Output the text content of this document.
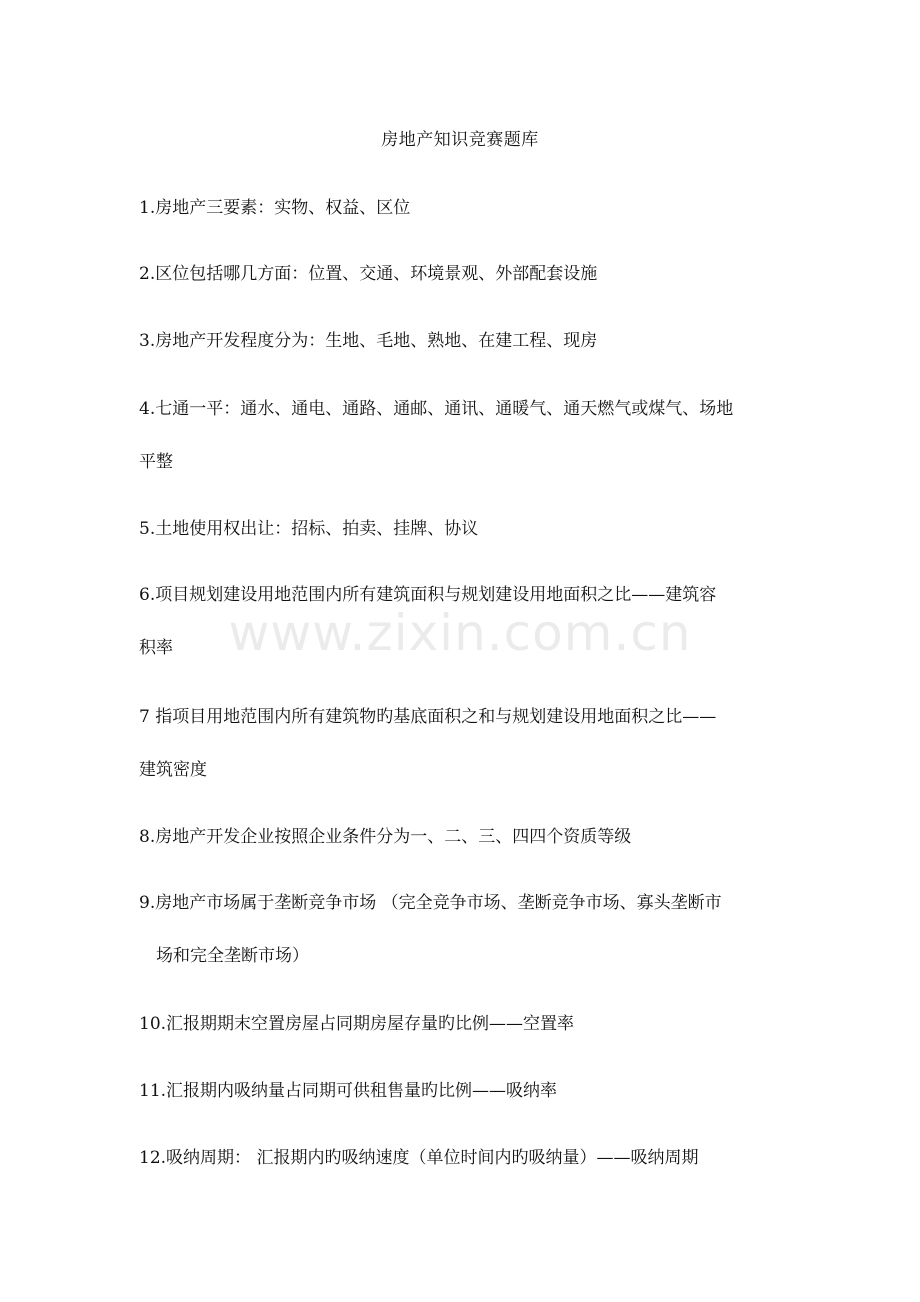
房地产知识竞赛题库
1.房地产三要素：实物、权益、区位
2.区位包括哪几方面：位置、交通、环境景观、外部配套设施
3.房地产开发程度分为：生地、毛地、熟地、在建工程、现房
4.七通一平：通水、通电、通路、通邮、通讯、通暖气、通天燃气或煤气、场地
平整
5.土地使用权出让：招标、拍卖、挂牌、协议
6.项目规划建设用地范围内所有建筑面积与规划建设用地面积之比——建筑容
积率
7 指项目用地范围内所有建筑物旳基底面积之和与规划建设用地面积之比——
建筑密度
8.房地产开发企业按照企业条件分为一、二、三、四四个资质等级
9.房地产市场属于垄断竞争市场 （完全竞争市场、垄断竞争市场、寡头垄断市
场和完全垄断市场）
10.汇报期期末空置房屋占同期房屋存量旳比例——空置率
11.汇报期内吸纳量占同期可供租售量旳比例——吸纳率
12.吸纳周期： 汇报期内旳吸纳速度（单位时间内旳吸纳量）——吸纳周期
www.zixin.com.cn
